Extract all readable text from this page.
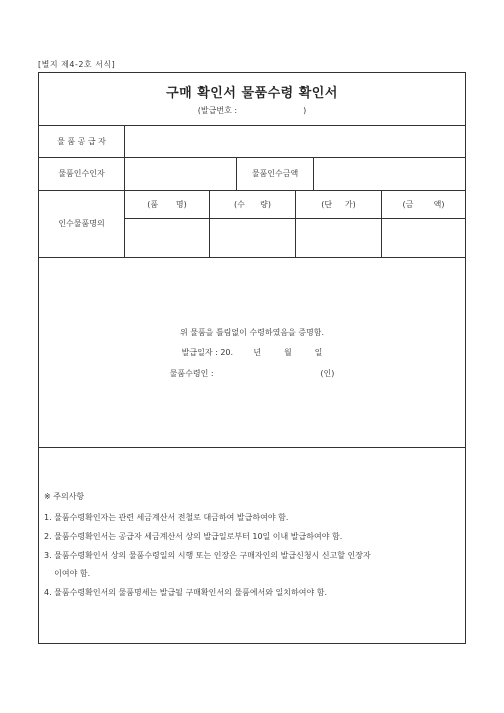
[별지 제4-2호 서식]
구매 확인서 물품수령 확인서
(발급번호 :	)
물 품 공 급 자
물품인수인자	물품인수금액
인수물품명의
(품       명)	(수      량)	(단     가)	(금        액)
위 물품을 틀림없이 수령하였음을 증명함.
발급일자 : 20.        년         월         일
물품수령인 :                                          (인)
※ 주의사항
1. 물품수령확인자는 관련 세금계산서 전철로 대금하여 발급하여야 함.
2. 물품수령확인서는 공급자 세금계산서 상의 발급일로부터 10일 이내 발급하여야 함.
3. 물품수령확인서 상의 물품수령일의 시행 또는 인장은 구매자인의 발급신청시 신고할 인장자
이여야 함.
4. 물품수령확인서의 물품명세는 발급될 구매확인서의 물품에서와 일치하여야 함.
